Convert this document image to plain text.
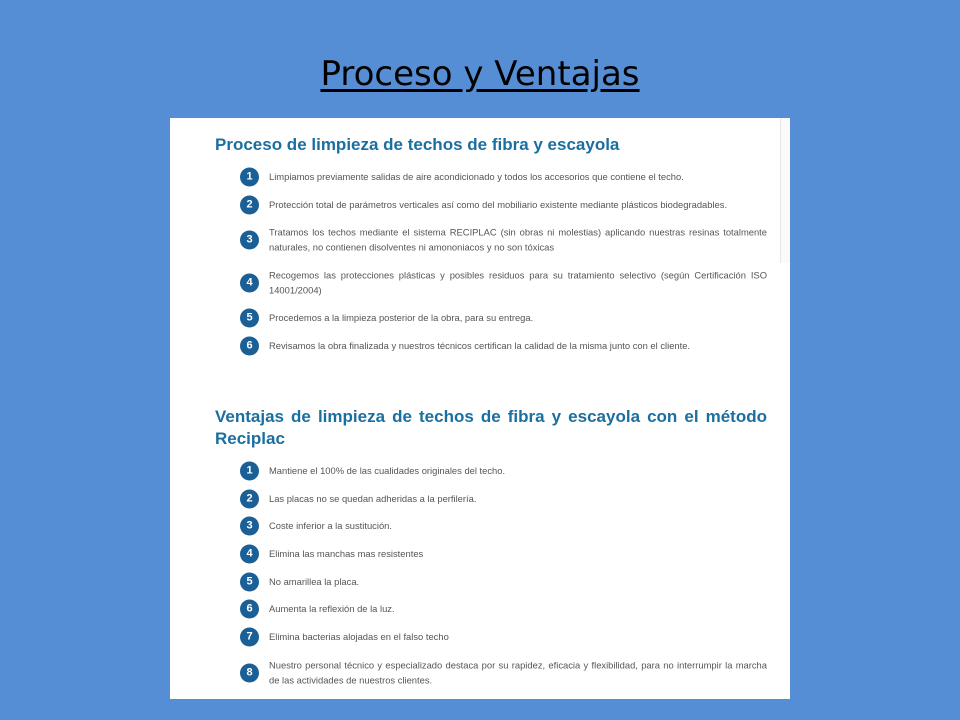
Proceso y Ventajas
Proceso de limpieza de techos de fibra y escayola
1	Limpiamos previamente salidas de aire acondicionado y todos los accesorios que contiene el techo.
2	Protección total de parámetros verticales así como del mobiliario existente mediante plásticos biodegradables.
3
Tratamos los techos mediante el sistema RECIPLAC (sin obras ni molestias) aplicando nuestras resinas totalmente naturales, no contienen disolventes ni amononiacos y no son tóxicas
4
Recogemos las protecciones plásticas y posibles residuos para su tratamiento selectivo (según Certificación ISO 14001/2004)
5	Procedemos a la limpieza posterior de la obra, para su entrega.
6	Revisamos la obra finalizada y nuestros técnicos certifican la calidad de la misma junto con el cliente.
Ventajas de limpieza de techos de fibra y escayola con el método Reciplac
1	Mantiene el 100% de las cualidades originales del techo.
2	Las placas no se quedan adheridas a la perfilería.
3	Coste inferior a la sustitución.
4	Elimina las manchas mas resistentes
5	No amarillea la placa.
6	Aumenta la reflexión de la luz.
7	Elimina bacterias alojadas en el falso techo
8
Nuestro personal técnico y especializado destaca por su rapidez, eficacia y flexibilidad, para no interrumpir la marcha de las actividades de nuestros clientes.
